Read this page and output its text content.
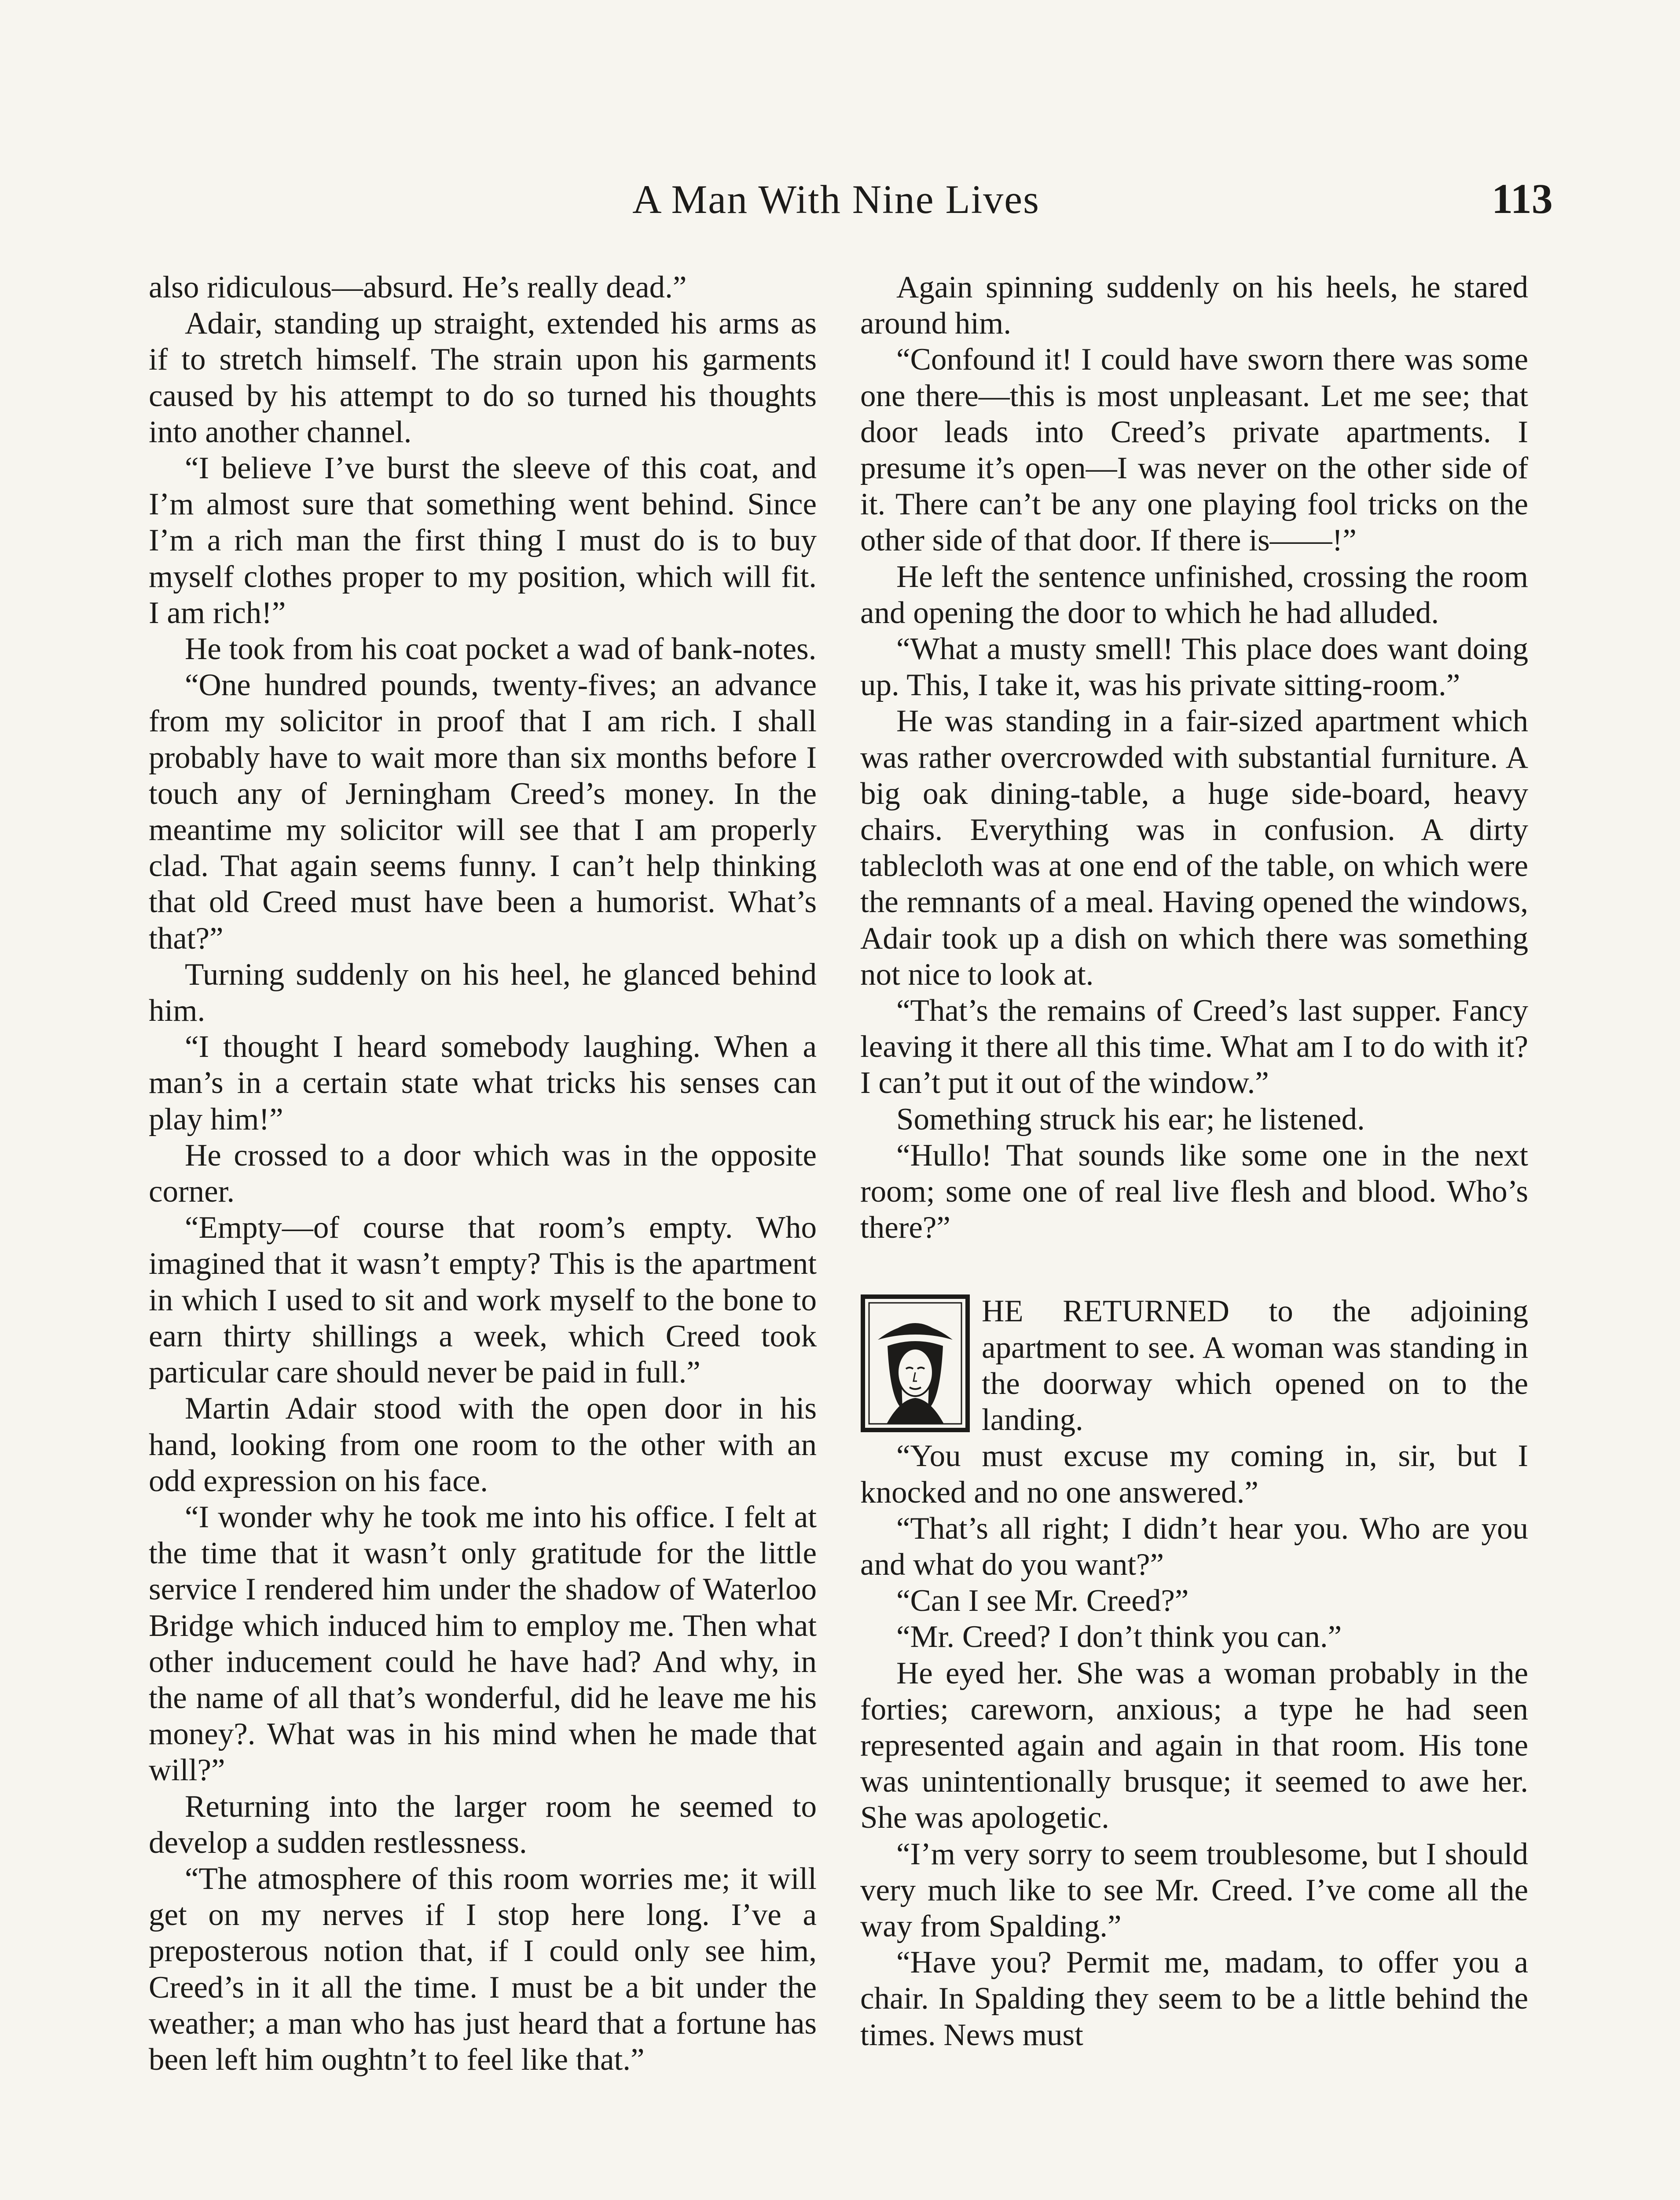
A Man With Nine Lives	113

also ridiculous—absurd. He’s really dead.”

Adair, standing up straight, extended his arms as if to stretch himself. The strain upon his garments caused by his attempt to do so turned his thoughts into another channel.

“I believe I’ve burst the sleeve of this coat, and I’m almost sure that something went behind. Since I’m a rich man the first thing I must do is to buy myself clothes proper to my position, which will fit. I am rich!”

He took from his coat pocket a wad of bank-notes.

“One hundred pounds, twenty-fives; an advance from my solicitor in proof that I am rich. I shall probably have to wait more than six months before I touch any of Jerningham Creed’s money. In the meantime my solicitor will see that I am properly clad. That again seems funny. I can’t help thinking that old Creed must have been a humorist. What’s that?”

Turning suddenly on his heel, he glanced behind him.

“I thought I heard somebody laughing. When a man’s in a certain state what tricks his senses can play him!”

He crossed to a door which was in the opposite corner.

“Empty—of course that room’s empty. Who imagined that it wasn’t empty? This is the apartment in which I used to sit and work myself to the bone to earn thirty shillings a week, which Creed took particular care should never be paid in full.”

Martin Adair stood with the open door in his hand, looking from one room to the other with an odd expression on his face.

“I wonder why he took me into his office. I felt at the time that it wasn’t only gratitude for the little service I rendered him under the shadow of Waterloo Bridge which induced him to employ me. Then what other inducement could he have had? And why, in the name of all that’s wonderful, did he leave me his money?. What was in his mind when he made that will?”

Returning into the larger room he seemed to develop a sudden restlessness.

“The atmosphere of this room worries me; it will get on my nerves if I stop here long. I’ve a preposterous notion that, if I could only see him, Creed’s in it all the time. I must be a bit under the weather; a man who has just heard that a fortune has been left him oughtn’t to feel like that.”

Again spinning suddenly on his heels, he stared around him.

“Confound it! I could have sworn there was some one there—this is most unpleasant. Let me see; that door leads into Creed’s private apartments. I presume it’s open—I was never on the other side of it. There can’t be any one playing fool tricks on the other side of that door. If there is——!”

He left the sentence unfinished, crossing the room and opening the door to which he had alluded.

“What a musty smell! This place does want doing up. This, I take it, was his private sitting-room.”

He was standing in a fair-sized apartment which was rather overcrowded with substantial furniture. A big oak dining-table, a huge side-board, heavy chairs. Everything was in confusion. A dirty tablecloth was at one end of the table, on which were the remnants of a meal. Having opened the windows, Adair took up a dish on which there was something not nice to look at.

“That’s the remains of Creed’s last supper. Fancy leaving it there all this time. What am I to do with it? I can’t put it out of the window.”

Something struck his ear; he listened.

“Hullo! That sounds like some one in the next room; some one of real live flesh and blood. Who’s there?”

HE RETURNED to the adjoining apartment to see. A woman was standing in the doorway which opened on to the landing.

“You must excuse my coming in, sir, but I knocked and no one answered.”

“That’s all right; I didn’t hear you. Who are you and what do you want?”

“Can I see Mr. Creed?”

“Mr. Creed? I don’t think you can.”

He eyed her. She was a woman probably in the forties; careworn, anxious; a type he had seen represented again and again in that room. His tone was unintentionally brusque; it seemed to awe her. She was apologetic.

“I’m very sorry to seem troublesome, but I should very much like to see Mr. Creed. I’ve come all the way from Spalding.”

“Have you? Permit me, madam, to offer you a chair. In Spalding they seem to be a little behind the times. News must
